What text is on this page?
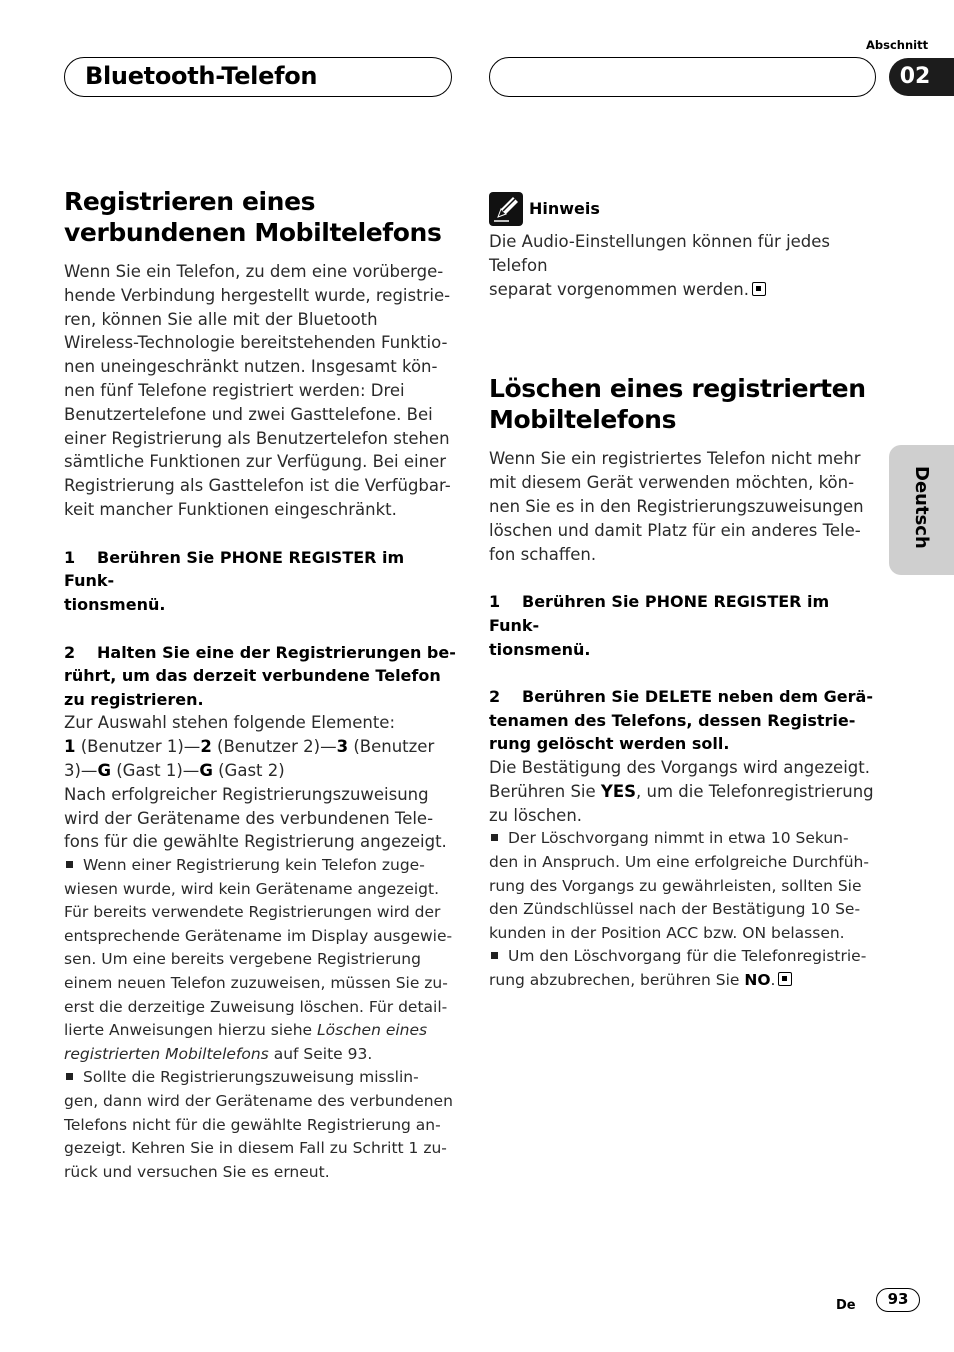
Bluetooth-Telefon
Abschnitt
02
Deutsch
Registrieren eines verbundenen Mobiltelefons

Wenn Sie ein Telefon, zu dem eine vorüberge-
hende Verbindung hergestellt wurde, registrie-
ren, können Sie alle mit der Bluetooth
Wireless-Technologie bereitstehenden Funktio-
nen uneingeschränkt nutzen. Insgesamt kön-
nen fünf Telefone registriert werden: Drei
Benutzertelefone und zwei Gasttelefone. Bei
einer Registrierung als Benutzertelefon stehen
sämtliche Funktionen zur Verfügung. Bei einer
Registrierung als Gasttelefon ist die Verfügbar-
keit mancher Funktionen eingeschränkt.

1 Berühren Sie PHONE REGISTER im Funk-
tionsmenü.

2 Halten Sie eine der Registrierungen be-
rührt, um das derzeit verbundene Telefon
zu registrieren.

Zur Auswahl stehen folgende Elemente:

1 (Benutzer 1)—2 (Benutzer 2)—3 (Benutzer
3)—G (Gast 1)—G (Gast 2)

Nach erfolgreicher Registrierungszuweisung
wird der Gerätename des verbundenen Tele-
fons für die gewählte Registrierung angezeigt.

Wenn einer Registrierung kein Telefon zuge-
wiesen wurde, wird kein Gerätename angezeigt.
Für bereits verwendete Registrierungen wird der
entsprechende Gerätename im Display ausgewie-
sen. Um eine bereits vergebene Registrierung
einem neuen Telefon zuzuweisen, müssen Sie zu-
erst die derzeitige Zuweisung löschen. Für detail-
lierte Anweisungen hierzu siehe Löschen eines
registrierten Mobiltelefons auf Seite 93.

Sollte die Registrierungszuweisung misslin-
gen, dann wird der Gerätename des verbundenen
Telefons nicht für die gewählte Registrierung an-
gezeigt. Kehren Sie in diesem Fall zu Schritt 1 zu-
rück und versuchen Sie es erneut.

Hinweis

Die Audio-Einstellungen können für jedes Telefon
separat vorgenommen werden.

Löschen eines registrierten Mobiltelefons

Wenn Sie ein registriertes Telefon nicht mehr
mit diesem Gerät verwenden möchten, kön-
nen Sie es in den Registrierungszuweisungen
löschen und damit Platz für ein anderes Tele-
fon schaffen.

1 Berühren Sie PHONE REGISTER im Funk-
tionsmenü.

2 Berühren Sie DELETE neben dem Gerä-
tenamen des Telefons, dessen Registrie-
rung gelöscht werden soll.

Die Bestätigung des Vorgangs wird angezeigt.
Berühren Sie YES, um die Telefonregistrierung
zu löschen.

Der Löschvorgang nimmt in etwa 10 Sekun-
den in Anspruch. Um eine erfolgreiche Durchfüh-
rung des Vorgangs zu gewährleisten, sollten Sie
den Zündschlüssel nach der Bestätigung 10 Se-
kunden in der Position ACC bzw. ON belassen.

Um den Löschvorgang für die Telefonregistrie-
rung abzubrechen, berühren Sie NO.

De	93
